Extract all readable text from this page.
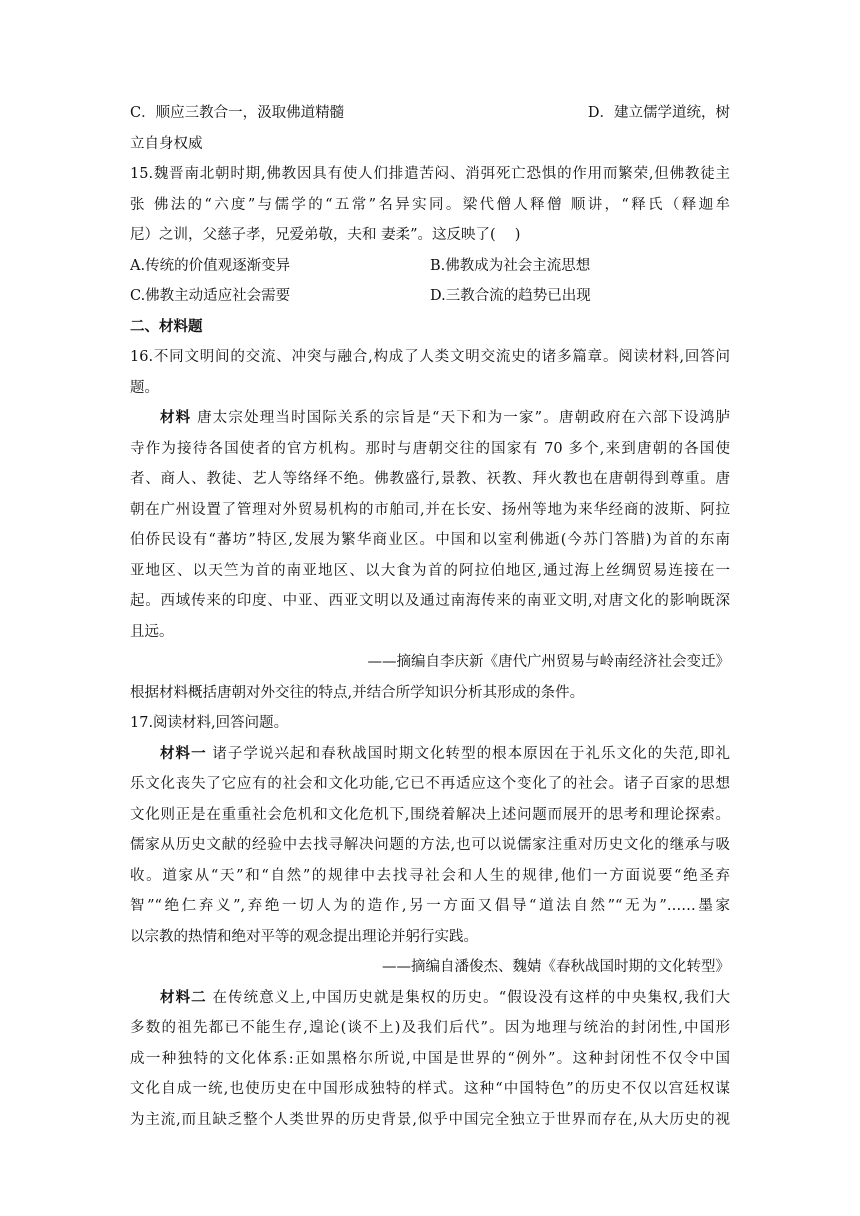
C．顺应三教合一，汲取佛道精髓	D．建立儒学道统，树

立自身权威

15.魏晋南北朝时期,佛教因具有使人们排遣苦闷、消弭死亡恐惧的作用而繁荣,但佛教徒主

张 佛法的“六度”与儒学的“五常”名异实同。梁代僧人释僧 顺讲，“释氏（释迦牟

尼）之训，父慈子孝，兄爱弟敬，夫和 妻柔”。这反映了(　 )

A.传统的价值观逐渐变异	B.佛教成为社会主流思想
C.佛教主动适应社会需要	D.三教合流的趋势已出现

二、材料题

16.不同文明间的交流、冲突与融合,构成了人类文明交流史的诸多篇章。阅读材料,回答问

题。

材料 唐太宗处理当时国际关系的宗旨是“天下和为一家”。唐朝政府在六部下设鸿胪

寺作为接待各国使者的官方机构。那时与唐朝交往的国家有 70 多个,来到唐朝的各国使

者、商人、教徒、艺人等络绎不绝。佛教盛行,景教、祆教、拜火教也在唐朝得到尊重。唐

朝在广州设置了管理对外贸易机构的市舶司,并在长安、扬州等地为来华经商的波斯、阿拉

伯侨民设有“蕃坊”特区,发展为繁华商业区。中国和以室利佛逝(今苏门答腊)为首的东南

亚地区、以天竺为首的南亚地区、以大食为首的阿拉伯地区,通过海上丝绸贸易连接在一

起。西域传来的印度、中亚、西亚文明以及通过南海传来的南亚文明,对唐文化的影响既深

且远。

——摘编自李庆新《唐代广州贸易与岭南经济社会变迁》

根据材料概括唐朝对外交往的特点,并结合所学知识分析其形成的条件。

17.阅读材料,回答问题。

材料一 诸子学说兴起和春秋战国时期文化转型的根本原因在于礼乐文化的失范,即礼

乐文化丧失了它应有的社会和文化功能,它已不再适应这个变化了的社会。诸子百家的思想

文化则正是在重重社会危机和文化危机下,围绕着解决上述问题而展开的思考和理论探索。

儒家从历史文献的经验中去找寻解决问题的方法,也可以说儒家注重对历史文化的继承与吸

收。道家从“天”和“自然”的规律中去找寻社会和人生的规律,他们一方面说要“绝圣弃

智”“绝仁弃义”,弃绝一切人为的造作,另一方面又倡导“道法自然”“无为”……墨家

以宗教的热情和绝对平等的观念提出理论并躬行实践。

——摘编自潘俊杰、魏婧《春秋战国时期的文化转型》

材料二 在传统意义上,中国历史就是集权的历史。“假设没有这样的中央集权,我们大

多数的祖先都已不能生存,遑论(谈不上)及我们后代”。因为地理与统治的封闭性,中国形

成一种独特的文化体系:正如黑格尔所说,中国是世界的“例外”。这种封闭性不仅令中国

文化自成一统,也使历史在中国形成独特的样式。这种“中国特色”的历史不仅以宫廷权谋

为主流,而且缺乏整个人类世界的历史背景,似乎中国完全独立于世界而存在,从大历史的视
